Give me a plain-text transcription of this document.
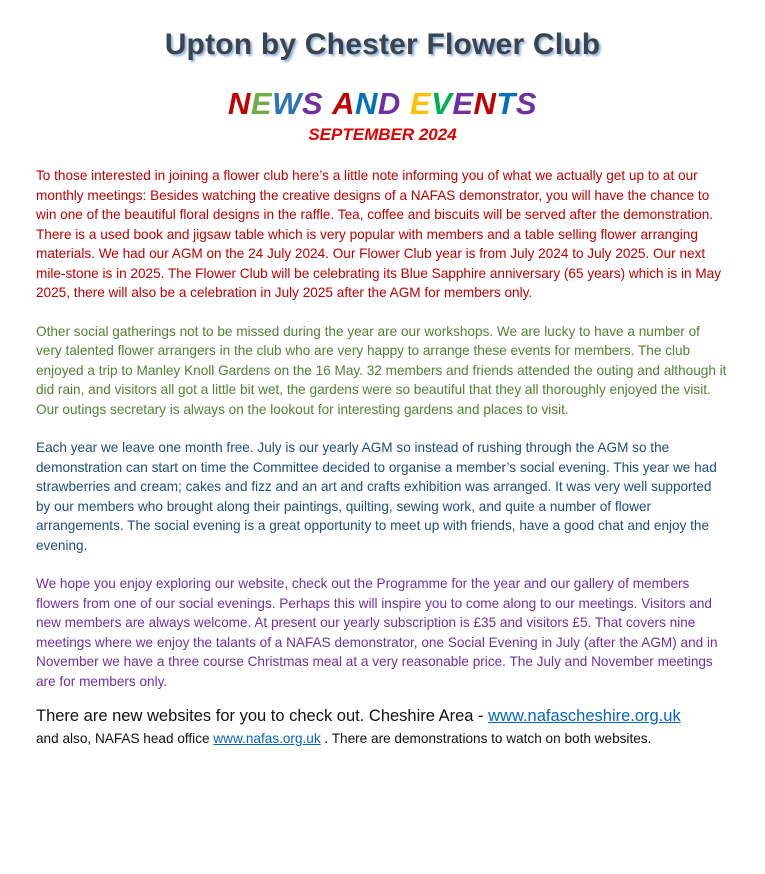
Upton by Chester Flower Club
NEWS AND EVENTS
SEPTEMBER 2024

To those interested in joining a flower club here’s a little note informing you of what we actually get up to at our monthly meetings: Besides watching the creative designs of a NAFAS demonstrator, you will have the chance to win one of the beautiful floral designs in the raffle. Tea, coffee and biscuits will be served after the demonstration. There is a used book and jigsaw table which is very popular with members and a table selling flower arranging materials. We had our AGM on the 24 July 2024. Our Flower Club year is from July 2024 to July 2025. Our next mile-stone is in 2025. The Flower Club will be celebrating its Blue Sapphire anniversary (65 years) which is in May 2025, there will also be a celebration in July 2025 after the AGM for members only.

Other social gatherings not to be missed during the year are our workshops. We are lucky to have a number of very talented flower arrangers in the club who are very happy to arrange these events for members. The club enjoyed a trip to Manley Knoll Gardens on the 16 May. 32 members and friends attended the outing and although it did rain, and visitors all got a little bit wet, the gardens were so beautiful that they all thoroughly enjoyed the visit. Our outings secretary is always on the lookout for interesting gardens and places to visit.

Each year we leave one month free. July is our yearly AGM so instead of rushing through the AGM so the demonstration can start on time the Committee decided to organise a member’s social evening. This year we had strawberries and cream; cakes and fizz and an art and crafts exhibition was arranged. It was very well supported by our members who brought along their paintings, quilting, sewing work, and quite a number of flower arrangements. The social evening is a great opportunity to meet up with friends, have a good chat and enjoy the evening.

We hope you enjoy exploring our website, check out the Programme for the year and our gallery of members flowers from one of our social evenings. Perhaps this will inspire you to come along to our meetings. Visitors and new members are always welcome. At present our yearly subscription is £35 and visitors £5. That covers nine meetings where we enjoy the talants of a NAFAS demonstrator, one Social Evening in July (after the AGM) and in November we have a three course Christmas meal at a very reasonable price. The July and November meetings are for members only.

There are new websites for you to check out. Cheshire Area - www.nafascheshire.org.uk

and also, NAFAS head office www.nafas.org.uk . There are demonstrations to watch on both websites.
